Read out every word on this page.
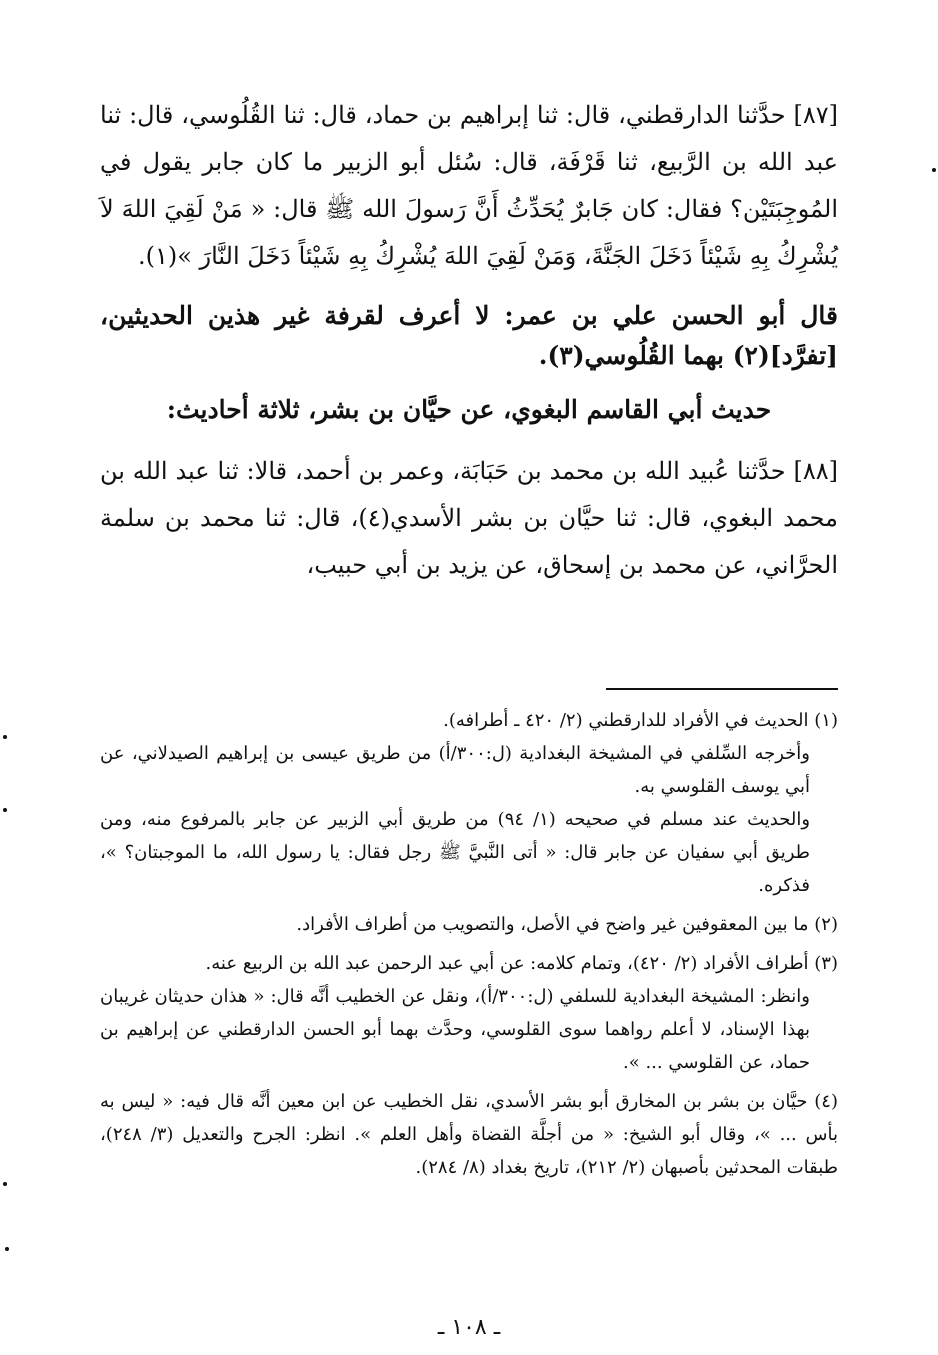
[٨٧] حدَّثنا الدارقطني، قال: ثنا إبراهيم بن حماد، قال: ثنا القُلُوسي، قال: ثنا عبد الله بن الرَّبيع، ثنا قَرْفَة، قال: سُئل أبو الزبير ما كان جابر يقول في المُوجِبَتَيْن؟ فقال: كان جَابرٌ يُحَدِّثُ أَنَّ رَسولَ الله ﷺ قال: « مَنْ لَقِيَ اللهَ لاَ يُشْرِكُ بِهِ شَيْئاً دَخَلَ الجَنَّةَ، وَمَنْ لَقِيَ اللهَ يُشْرِكُ بِهِ شَيْئاً دَخَلَ النَّارَ »(١).

قال أبو الحسن علي بن عمر: لا أعرف لقرفة غير هذين الحديثين، [تفرَّد](٢) بهما القُلُوسي(٣).

حديث أبي القاسم البغوي، عن حيَّان بن بشر، ثلاثة أحاديث:

[٨٨] حدَّثنا عُبيد الله بن محمد بن حَبَابَة، وعمر بن أحمد، قالا: ثنا عبد الله بن محمد البغوي، قال: ثنا حيَّان بن بشر الأسدي(٤)، قال: ثنا محمد بن سلمة الحرَّاني، عن محمد بن إسحاق، عن يزيد بن أبي حبيب،

(١) الحديث في الأفراد للدارقطني (٢/ ٤٢٠ ـ أطرافه).
وأخرجه السِّلفي في المشيخة البغدادية (ل:٣٠٠/أ) من طريق عيسى بن إبراهيم الصيدلاني، عن أبي يوسف القلوسي به.
والحديث عند مسلم في صحيحه (١/ ٩٤) من طريق أبي الزبير عن جابر بالمرفوع منه، ومن طريق أبي سفيان عن جابر قال: « أتى النَّبيَّ ﷺ رجل فقال: يا رسول الله، ما الموجبتان؟ »، فذكره.

(٢) ما بين المعقوفين غير واضح في الأصل، والتصويب من أطراف الأفراد.

(٣) أطراف الأفراد (٢/ ٤٢٠)، وتمام كلامه: عن أبي عبد الرحمن عبد الله بن الربيع عنه.
وانظر: المشيخة البغدادية للسلفي (ل:٣٠٠/أ)، ونقل عن الخطيب أنَّه قال: « هذان حديثان غريبان بهذا الإسناد، لا أعلم رواهما سوى القلوسي، وحدَّث بهما أبو الحسن الدارقطني عن إبراهيم بن حماد، عن القلوسي ... ».

(٤) حيَّان بن بشر بن المخارق أبو بشر الأسدي، نقل الخطيب عن ابن معين أنَّه قال فيه: « ليس به بأس ... »، وقال أبو الشيخ: « من أجلَّة القضاة وأهل العلم ». انظر: الجرح والتعديل (٣/ ٢٤٨)، طبقات المحدثين بأصبهان (٢/ ٢١٢)، تاريخ بغداد (٨/ ٢٨٤).

ـ ١٠٨ ـ
